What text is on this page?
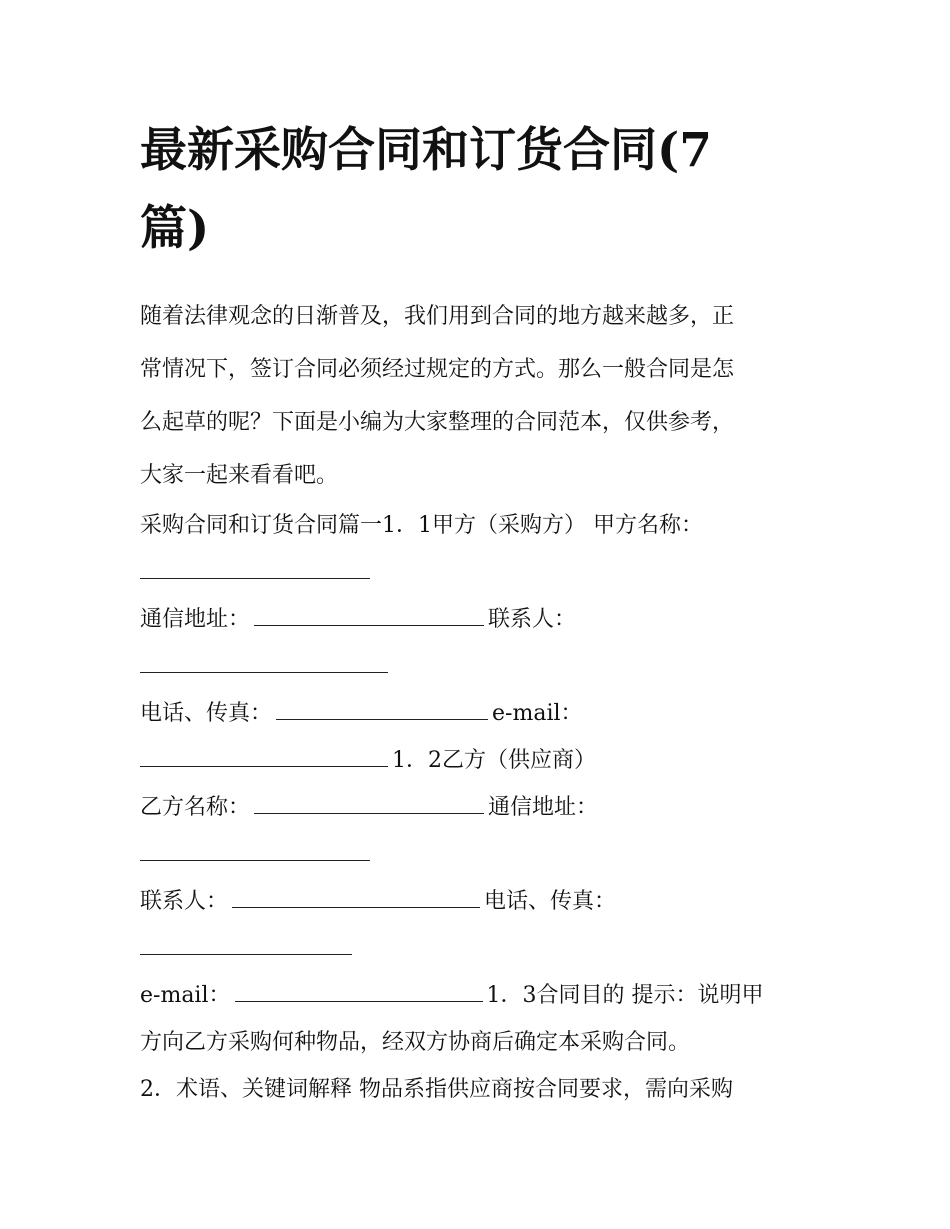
最新采购合同和订货合同(7篇)
随着法律观念的日渐普及，我们用到合同的地方越来越多，正
常情况下，签订合同必须经过规定的方式。那么一般合同是怎
么起草的呢？下面是小编为大家整理的合同范本，仅供参考，
大家一起来看看吧。
采购合同和订货合同篇一1．1甲方（采购方） 甲方名称：
通信地址：	联系人：
电话、传真：	e-mail：
1．2乙方（供应商）
乙方名称：	通信地址：
联系人：	电话、传真：
e-mail：	1．3合同目的 提示：说明甲
方向乙方采购何种物品，经双方协商后确定本采购合同。
2．术语、关键词解释 物品系指供应商按合同要求，需向采购
